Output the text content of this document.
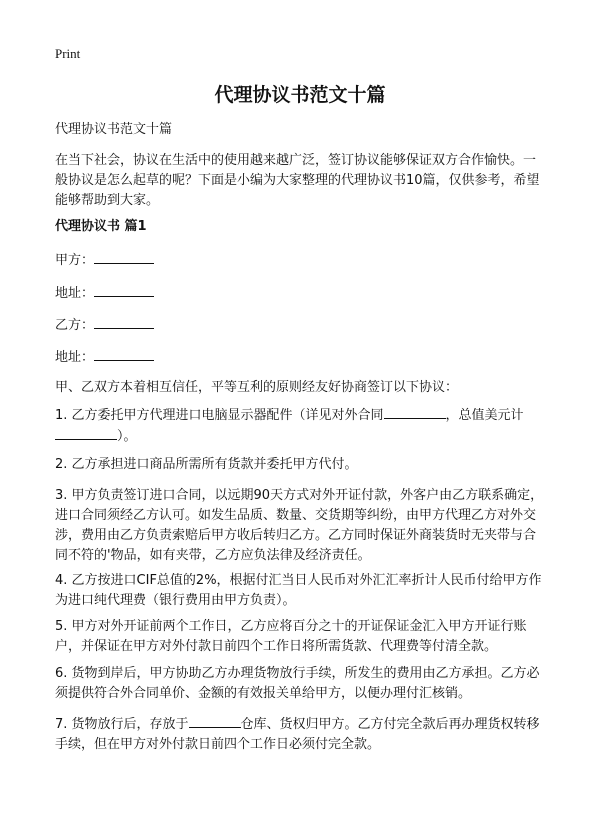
Print
代理协议书范文十篇

代理协议书范文十篇

在当下社会，协议在生活中的使用越来越广泛，签订协议能够保证双方合作愉快。一般协议是怎么起草的呢？下面是小编为大家整理的代理协议书10篇，仅供参考，希望能够帮助到大家。

代理协议书 篇1

甲方：

地址：

乙方：

地址：

甲、乙双方本着相互信任，平等互利的原则经友好协商签订以下协议：

1. 乙方委托甲方代理进口电脑显示器配件（详见对外合同	，总值美元计）。

2. 乙方承担进口商品所需所有货款并委托甲方代付。

3. 甲方负责签订进口合同，以远期90天方式对外开证付款，外客户由乙方联系确定，进口合同须经乙方认可。如发生品质、数量、交货期等纠纷，由甲方代理乙方对外交涉，费用由乙方负责索赔后甲方收后转归乙方。乙方同时保证外商装货时无夹带与合同不符的'物品，如有夹带，乙方应负法律及经济责任。

4. 乙方按进口CIF总值的2%，根据付汇当日人民币对外汇汇率折计人民币付给甲方作为进口纯代理费（银行费用由甲方负责）。

5. 甲方对外开证前两个工作日，乙方应将百分之十的开证保证金汇入甲方开证行账户，并保证在甲方对外付款日前四个工作日将所需货款、代理费等付清全款。

6. 货物到岸后，甲方协助乙方办理货物放行手续，所发生的费用由乙方承担。乙方必须提供符合外合同单价、金额的有效报关单给甲方，以便办理付汇核销。

7. 货物放行后，存放于	仓库、货权归甲方。乙方付完全款后再办理货权转移手续，但在甲方对外付款日前四个工作日必须付完全款。
